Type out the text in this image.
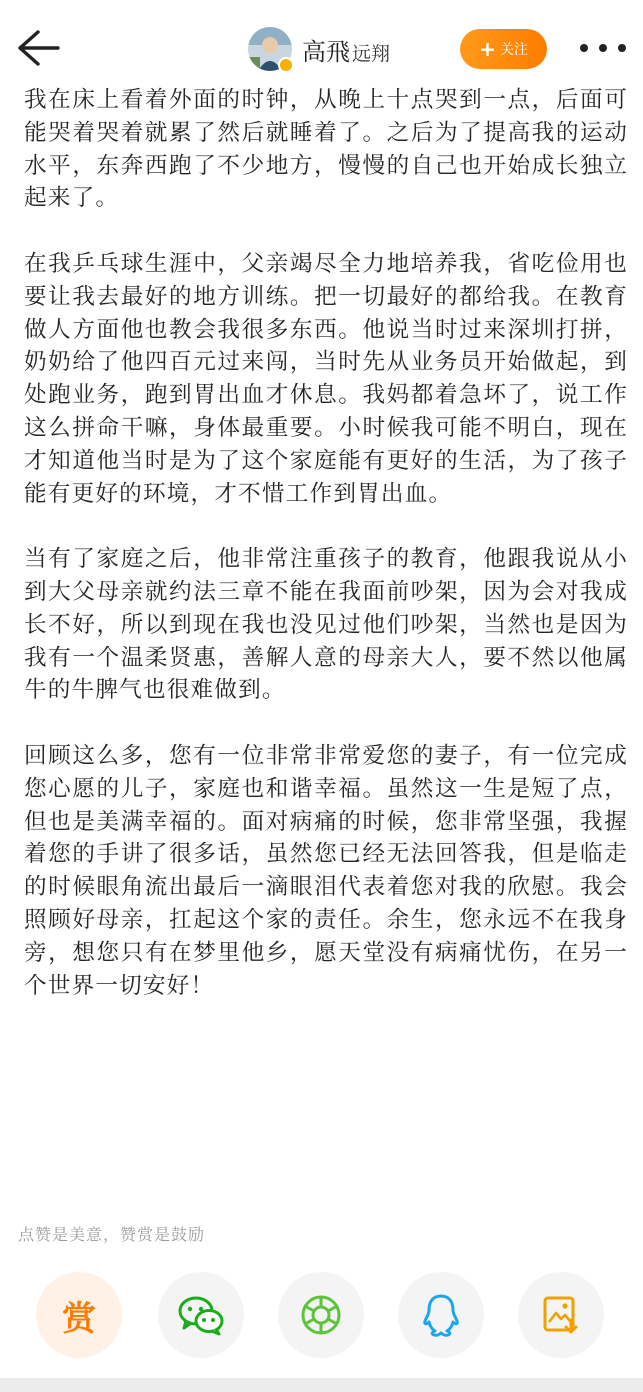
高飛 远翔	+ 关注

我在床上看着外面的时钟，从晚上十点哭到一点，后面可能哭着哭着就累了然后就睡着了。之后为了提高我的运动水平，东奔西跑了不少地方，慢慢的自己也开始成长独立起来了。

在我乒乓球生涯中，父亲竭尽全力地培养我，省吃俭用也要让我去最好的地方训练。把一切最好的都给我。在教育做人方面他也教会我很多东西。他说当时过来深圳打拼，奶奶给了他四百元过来闯，当时先从业务员开始做起，到处跑业务，跑到胃出血才休息。我妈都着急坏了，说工作这么拼命干嘛，身体最重要。小时候我可能不明白，现在才知道他当时是为了这个家庭能有更好的生活，为了孩子能有更好的环境，才不惜工作到胃出血。

当有了家庭之后，他非常注重孩子的教育，他跟我说从小到大父母亲就约法三章不能在我面前吵架，因为会对我成长不好，所以到现在我也没见过他们吵架，当然也是因为我有一个温柔贤惠，善解人意的母亲大人，要不然以他属牛的牛脾气也很难做到。

回顾这么多，您有一位非常非常爱您的妻子，有一位完成您心愿的儿子，家庭也和谐幸福。虽然这一生是短了点，但也是美满幸福的。面对病痛的时候，您非常坚强，我握着您的手讲了很多话，虽然您已经无法回答我，但是临走的时候眼角流出最后一滴眼泪代表着您对我的欣慰。我会照顾好母亲，扛起这个家的责任。余生，您永远不在我身旁，想您只有在梦里他乡，愿天堂没有病痛忧伤，在另一个世界一切安好！

点赞是美意，赞赏是鼓励
赏
